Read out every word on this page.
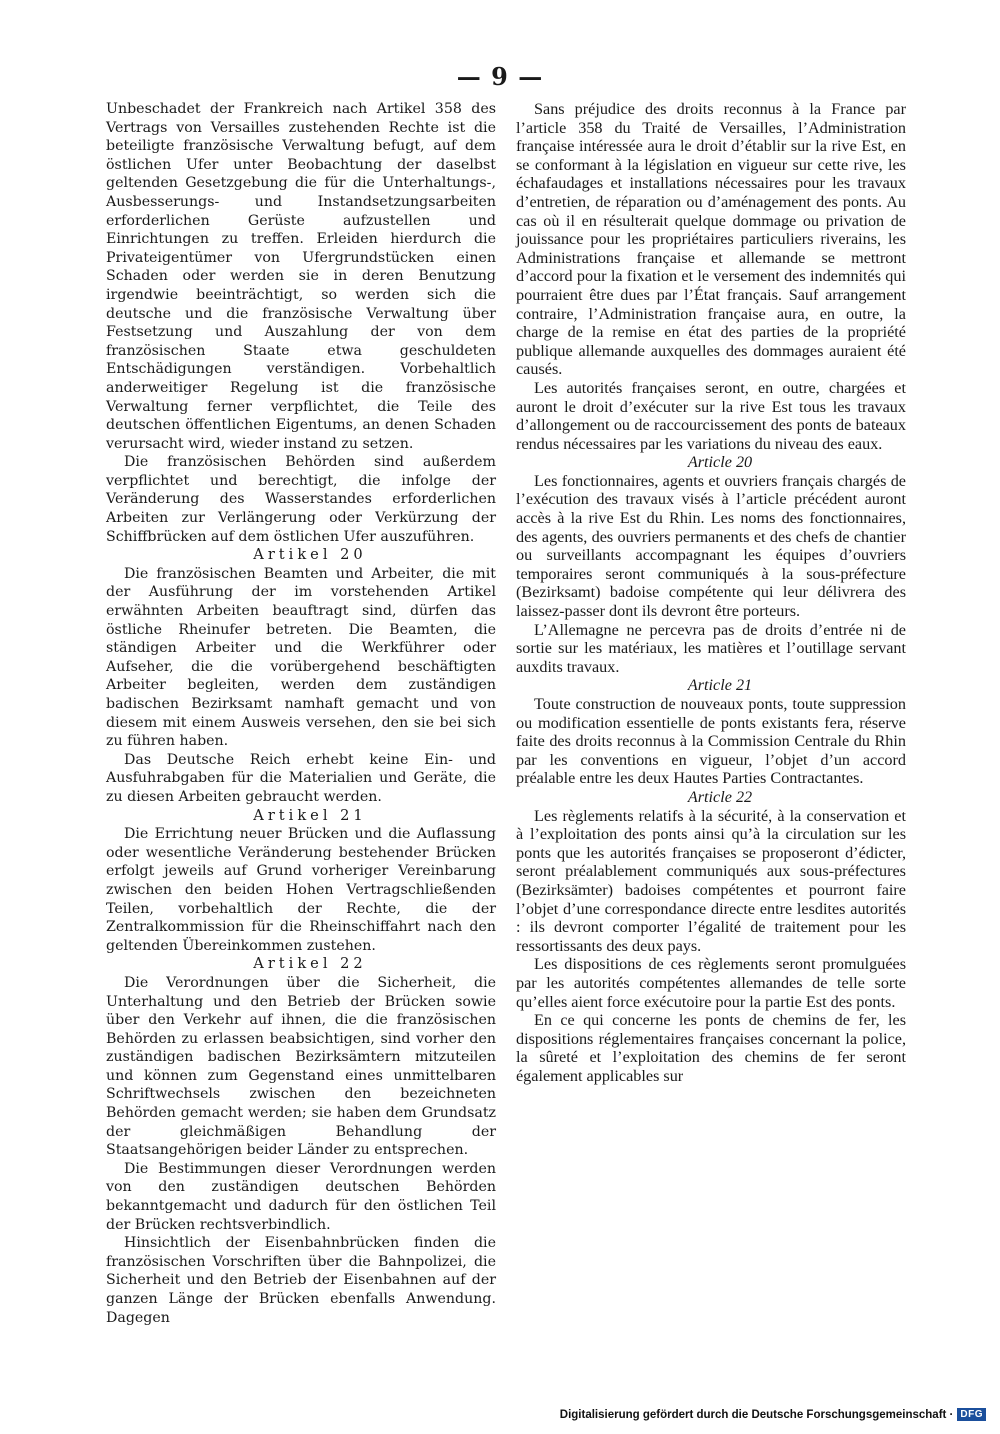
— 9 —

Unbeschadet der Frankreich nach Artikel 358 des Vertrags von Versailles zustehenden Rechte ist die beteiligte französische Verwaltung befugt, auf dem östlichen Ufer unter Beobachtung der daselbst geltenden Gesetzgebung die für die Unterhaltungs-, Ausbesserungs- und Instandsetzungsarbeiten erforderlichen Gerüste aufzustellen und Einrichtungen zu treffen. Erleiden hierdurch die Privateigentümer von Ufergrundstücken einen Schaden oder werden sie in deren Benutzung irgendwie beeinträchtigt, so werden sich die deutsche und die französische Verwaltung über Festsetzung und Auszahlung der von dem französischen Staate etwa geschuldeten Entschädigungen verständigen. Vorbehaltlich anderweitiger Regelung ist die französische Verwaltung ferner verpflichtet, die Teile des deutschen öffentlichen Eigentums, an denen Schaden verursacht wird, wieder instand zu setzen.

Die französischen Behörden sind außerdem verpflichtet und berechtigt, die infolge der Veränderung des Wasserstandes erforderlichen Arbeiten zur Verlängerung oder Verkürzung der Schiffbrücken auf dem östlichen Ufer auszuführen.

Artikel 20

Die französischen Beamten und Arbeiter, die mit der Ausführung der im vorstehenden Artikel erwähnten Arbeiten beauftragt sind, dürfen das östliche Rheinufer betreten. Die Beamten, die ständigen Arbeiter und die Werkführer oder Aufseher, die die vorübergehend beschäftigten Arbeiter begleiten, werden dem zuständigen badischen Bezirksamt namhaft gemacht und von diesem mit einem Ausweis versehen, den sie bei sich zu führen haben.

Das Deutsche Reich erhebt keine Ein- und Ausfuhrabgaben für die Materialien und Geräte, die zu diesen Arbeiten gebraucht werden.

Artikel 21

Die Errichtung neuer Brücken und die Auflassung oder wesentliche Veränderung bestehender Brücken erfolgt jeweils auf Grund vorheriger Vereinbarung zwischen den beiden Hohen Vertragschließenden Teilen, vorbehaltlich der Rechte, die der Zentralkommission für die Rheinschiffahrt nach den geltenden Übereinkommen zustehen.

Artikel 22

Die Verordnungen über die Sicherheit, die Unterhaltung und den Betrieb der Brücken sowie über den Verkehr auf ihnen, die die französischen Behörden zu erlassen beabsichtigen, sind vorher den zuständigen badischen Bezirksämtern mitzuteilen und können zum Gegenstand eines unmittelbaren Schriftwechsels zwischen den bezeichneten Behörden gemacht werden; sie haben dem Grundsatz der gleichmäßigen Behandlung der Staatsangehörigen beider Länder zu entsprechen.

Die Bestimmungen dieser Verordnungen werden von den zuständigen deutschen Behörden bekanntgemacht und dadurch für den östlichen Teil der Brücken rechtsverbindlich.

Hinsichtlich der Eisenbahnbrücken finden die französischen Vorschriften über die Bahnpolizei, die Sicherheit und den Betrieb der Eisenbahnen auf der ganzen Länge der Brücken ebenfalls Anwendung. Dagegen

Sans préjudice des droits reconnus à la France par l’article 358 du Traité de Versailles, l’Administration française intéressée aura le droit d’établir sur la rive Est, en se conformant à la législation en vigueur sur cette rive, les échafaudages et installations nécessaires pour les travaux d’entretien, de réparation ou d’aménagement des ponts. Au cas où il en résulterait quelque dommage ou privation de jouissance pour les propriétaires particuliers riverains, les Administrations française et allemande se mettront d’accord pour la fixation et le versement des indemnités qui pourraient être dues par l’État français. Sauf arrangement contraire, l’Administration française aura, en outre, la charge de la remise en état des parties de la propriété publique allemande auxquelles des dommages auraient été causés.

Les autorités françaises seront, en outre, chargées et auront le droit d’exécuter sur la rive Est tous les travaux d’allongement ou de raccourcissement des ponts de bateaux rendus nécessaires par les variations du niveau des eaux.

Article 20

Les fonctionnaires, agents et ouvriers français chargés de l’exécution des travaux visés à l’article précédent auront accès à la rive Est du Rhin. Les noms des fonctionnaires, des agents, des ouvriers permanents et des chefs de chantier ou surveillants accompagnant les équipes d’ouvriers temporaires seront communiqués à la sous-préfecture (Bezirksamt) badoise compétente qui leur délivrera des laissez-passer dont ils devront être porteurs.

L’Allemagne ne percevra pas de droits d’entrée ni de sortie sur les matériaux, les matières et l’outillage servant auxdits travaux.

Article 21

Toute construction de nouveaux ponts, toute suppression ou modification essentielle de ponts existants fera, réserve faite des droits reconnus à la Commission Centrale du Rhin par les conventions en vigueur, l’objet d’un accord préalable entre les deux Hautes Parties Contractantes.

Article 22

Les règlements relatifs à la sécurité, à la conservation et à l’exploitation des ponts ainsi qu’à la circulation sur les ponts que les autorités françaises se proposeront d’édicter, seront préalablement communiqués aux sous-préfectures (Bezirksämter) badoises compétentes et pourront faire l’objet d’une correspondance directe entre lesdites autorités : ils devront comporter l’égalité de traitement pour les ressortissants des deux pays.

Les dispositions de ces règlements seront promulguées par les autorités compétentes allemandes de telle sorte qu’elles aient force exécutoire pour la partie Est des ponts.

En ce qui concerne les ponts de chemins de fer, les dispositions réglementaires françaises concernant la police, la sûreté et l’exploitation des chemins de fer seront également applicables sur

Digitalisierung gefördert durch die Deutsche Forschungsgemeinschaft · DFG
